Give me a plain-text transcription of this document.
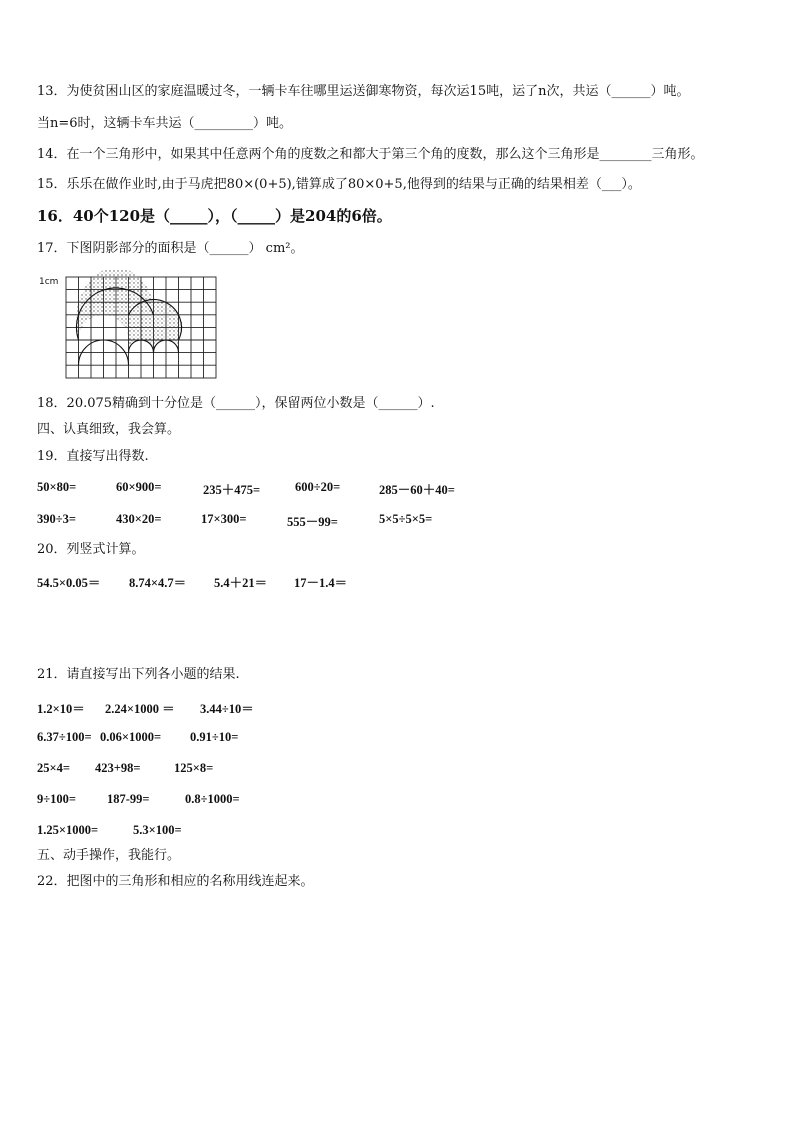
13．为使贫困山区的家庭温暖过冬，一辆卡车往哪里运送御寒物资，每次运15吨，运了n次，共运（______）吨。
当n=6时，这辆卡车共运（_________）吨。
14．在一个三角形中，如果其中任意两个角的度数之和都大于第三个角的度数，那么这个三角形是________三角形。
15．乐乐在做作业时,由于马虎把80×(0+5),错算成了80×0+5,他得到的结果与正确的结果相差（___）。
16．40个120是（_____），（_____）是204的6倍。
17．下图阴影部分的面积是（______） cm²。
1cm
18．20.075精确到十分位是（______），保留两位小数是（______）.
四、认真细致，我会算。
19．直接写出得数.
50×80=	60×900=	235＋475=	600÷20=	285－60＋40=
390÷3=	430×20=	17×300=	555－99=	5×5÷5×5=
20．列竖式计算。
54.5×0.05＝ 8.74×4.7＝ 5.4＋21＝ 17－1.4＝
21．请直接写出下列各小题的结果.
1.2×10＝ 2.24×1000 ＝ 3.44÷10＝
6.37÷100= 0.06×1000= 0.91÷10=
25×4= 423+98=	125×8=
9÷100= 187-99=	0.8÷1000=
1.25×1000=	5.3×100=
五、动手操作，我能行。
22．把图中的三角形和相应的名称用线连起来。
